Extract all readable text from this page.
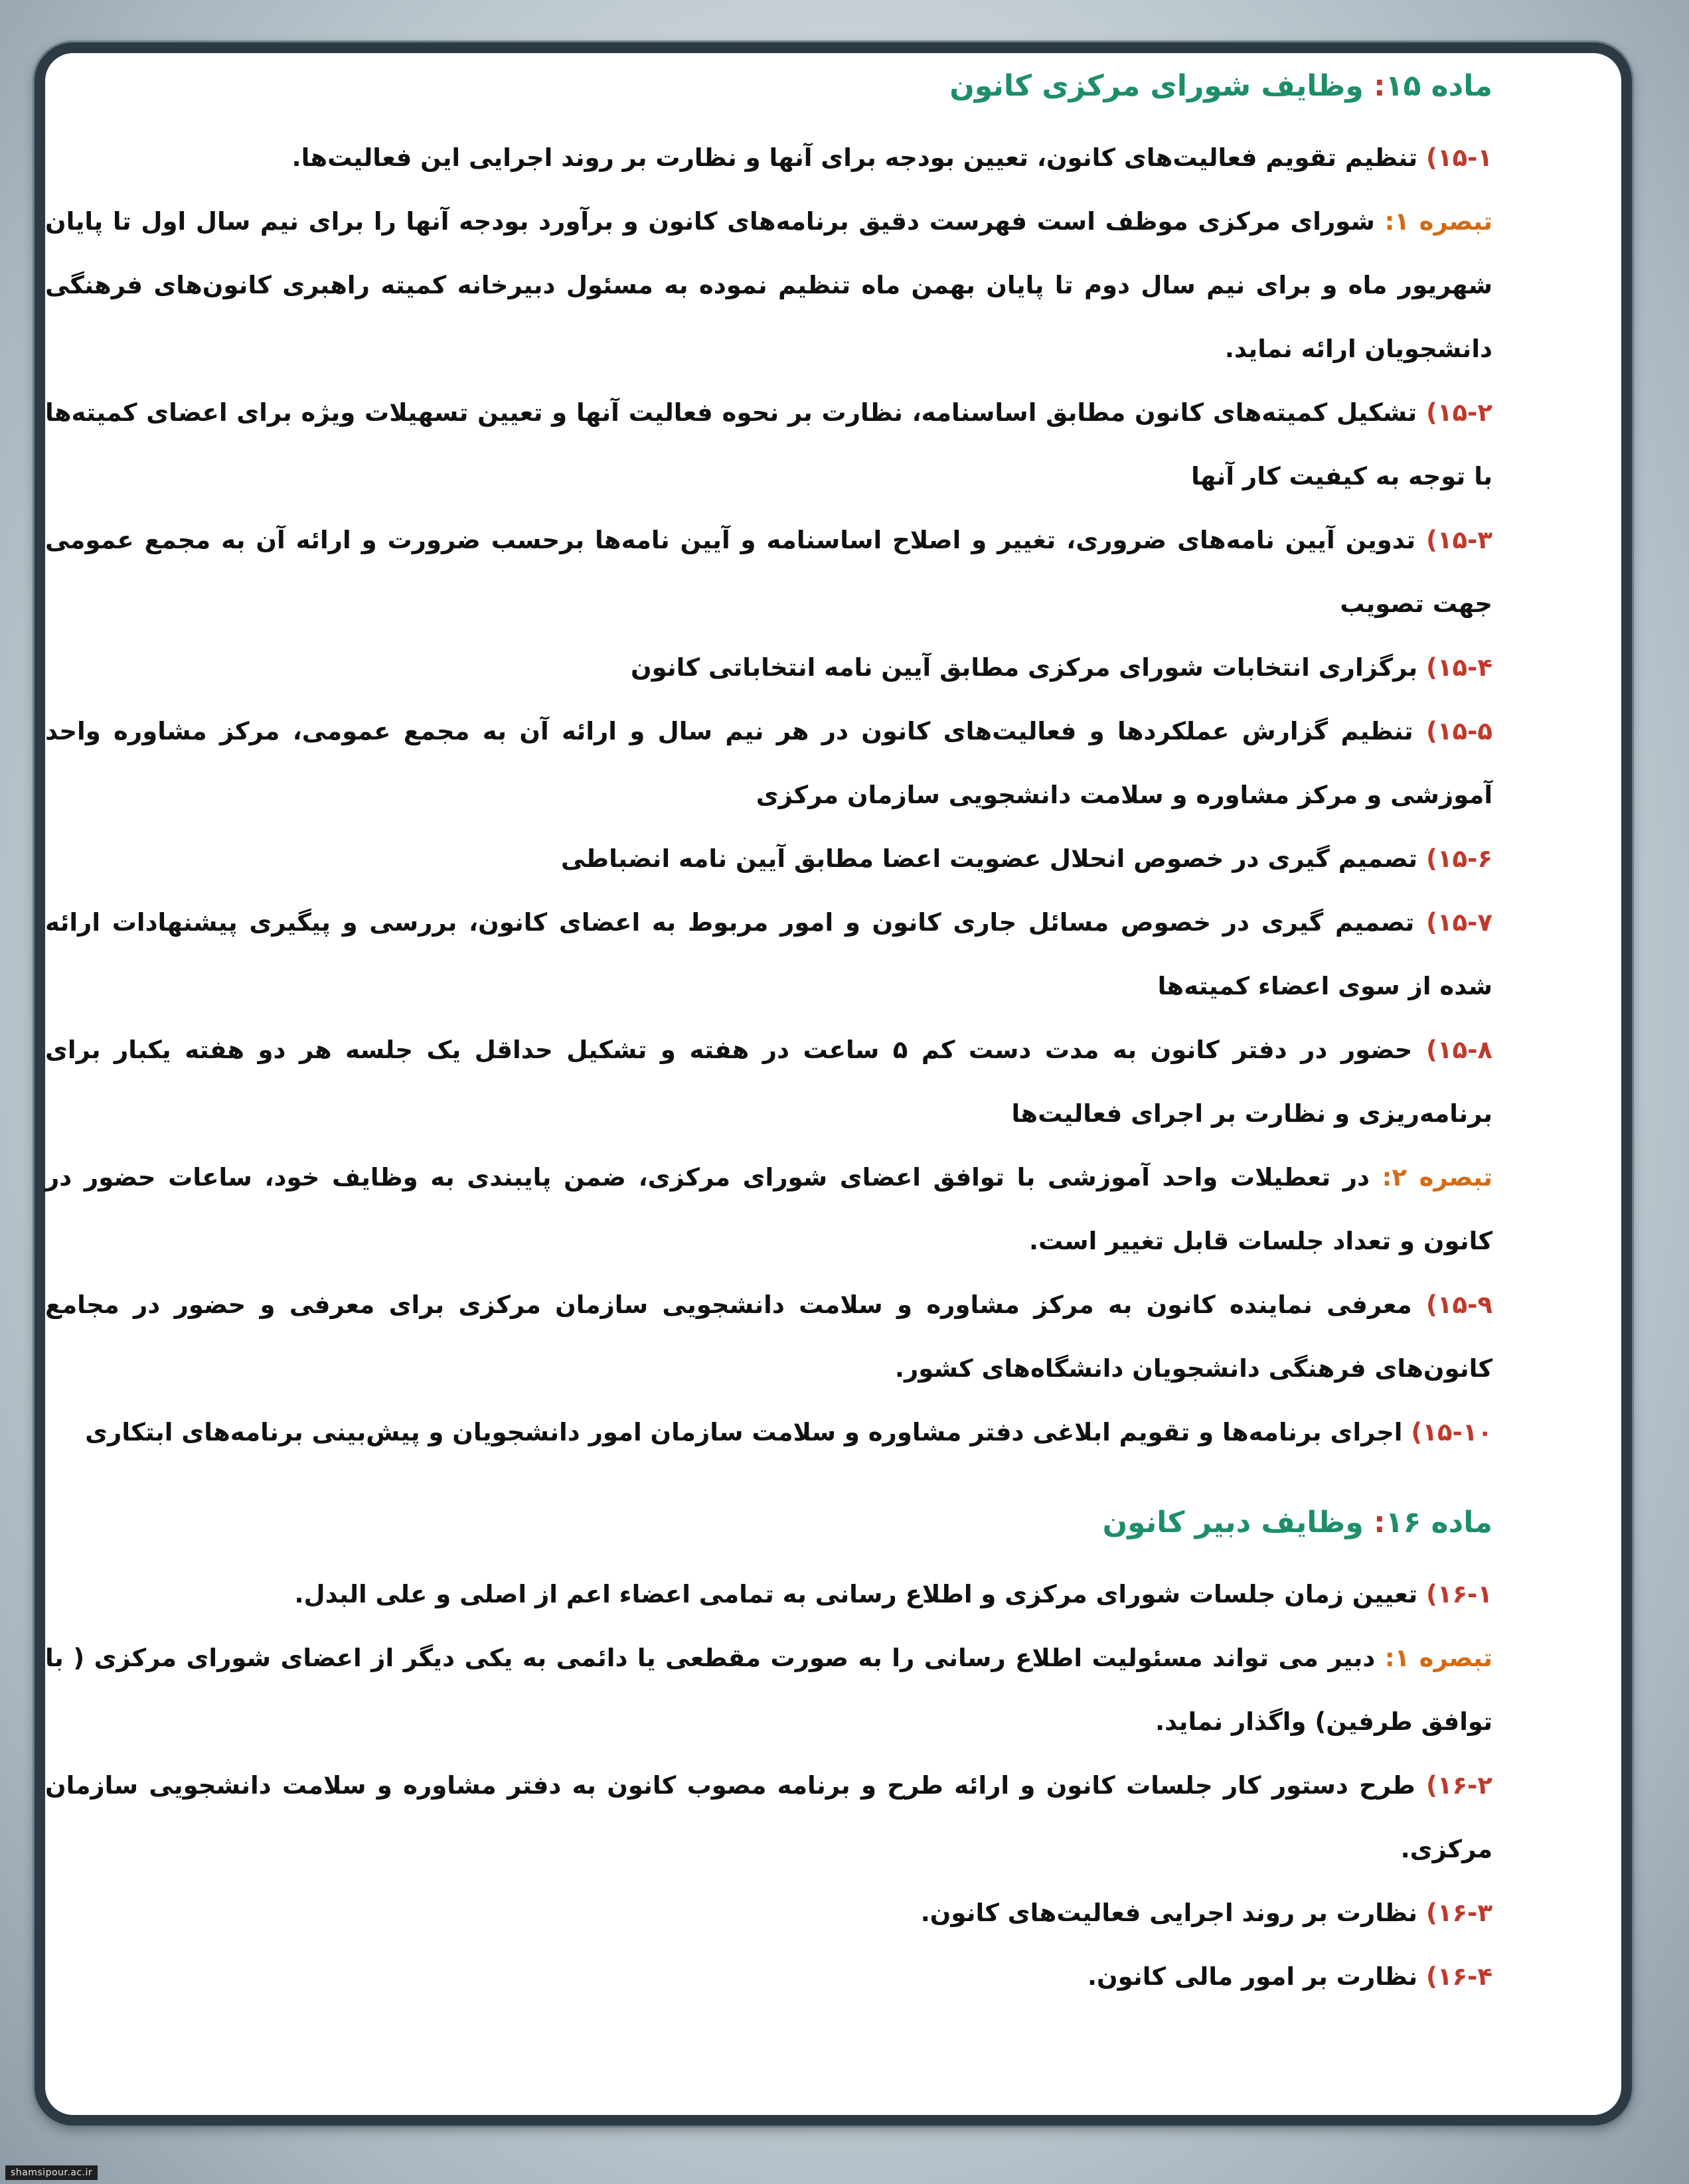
ماده ۱۵: وظایف شورای مرکزی کانون

۱۵-۱) تنظیم تقویم فعالیت‌های کانون، تعیین بودجه برای آنها و نظارت بر روند اجرایی این فعالیت‌ها.

تبصره ۱: شورای مرکزی موظف است فهرست دقیق برنامه‌های کانون و برآورد بودجه آنها را برای نیم سال اول تا پایان شهریور ماه و برای نیم سال دوم تا پایان بهمن ماه تنظیم نموده به مسئول دبیرخانه کمیته راهبری کانون‌های فرهنگی دانشجویان ارائه نماید.

۱۵-۲) تشکیل کمیته‌های کانون مطابق اساسنامه، نظارت بر نحوه فعالیت آنها و تعیین تسهیلات ویژه برای اعضای کمیته‌ها با توجه به کیفیت کار آنها

۱۵-۳) تدوین آیین نامه‌های ضروری، تغییر و اصلاح اساسنامه و آیین نامه‌ها برحسب ضرورت و ارائه آن به مجمع عمومی جهت تصویب

۱۵-۴) برگزاری انتخابات شورای مرکزی مطابق آیین نامه انتخاباتی کانون

۱۵-۵) تنظیم گزارش عملکردها و فعالیت‌های کانون در هر نیم سال و ارائه آن به مجمع عمومی، مرکز مشاوره واحد آموزشی و مرکز مشاوره و سلامت دانشجویی سازمان مرکزی

۱۵-۶) تصمیم گیری در خصوص انحلال عضویت اعضا مطابق آیین نامه انضباطی

۱۵-۷) تصمیم گیری در خصوص مسائل جاری کانون و امور مربوط به اعضای کانون، بررسی و پیگیری پیشنهادات ارائه شده از سوی اعضاء کمیته‌ها

۱۵-۸) حضور در دفتر کانون به مدت دست کم ۵ ساعت در هفته و تشکیل حداقل یک جلسه هر دو هفته یکبار برای برنامه‌ریزی و نظارت بر اجرای فعالیت‌ها

تبصره ۲: در تعطیلات واحد آموزشی با توافق اعضای شورای مرکزی، ضمن پایبندی به وظایف خود، ساعات حضور در کانون و تعداد جلسات قابل تغییر است.

۱۵-۹) معرفی نماینده کانون به مرکز مشاوره و سلامت دانشجویی سازمان مرکزی برای معرفی و حضور در مجامع کانون‌های فرهنگی دانشجویان دانشگاه‌های کشور.

۱۵-۱۰) اجرای برنامه‌ها و تقویم ابلاغی دفتر مشاوره و سلامت سازمان امور دانشجویان و پیش‌بینی برنامه‌های ابتکاری

ماده ۱۶: وظایف دبیر کانون

۱۶-۱) تعیین زمان جلسات شورای مرکزی و اطلاع رسانی به تمامی اعضاء اعم از اصلی و علی البدل.

تبصره ۱: دبیر می تواند مسئولیت اطلاع رسانی را به صورت مقطعی یا دائمی به یکی دیگر از اعضای شورای مرکزی ( با توافق طرفین) واگذار نماید.

۱۶-۲) طرح دستور کار جلسات کانون و ارائه طرح و برنامه مصوب کانون به دفتر مشاوره و سلامت دانشجویی سازمان مرکزی.

۱۶-۳) نظارت بر روند اجرایی فعالیت‌های کانون.

۱۶-۴) نظارت بر امور مالی کانون.

shamsipour.ac.ir
